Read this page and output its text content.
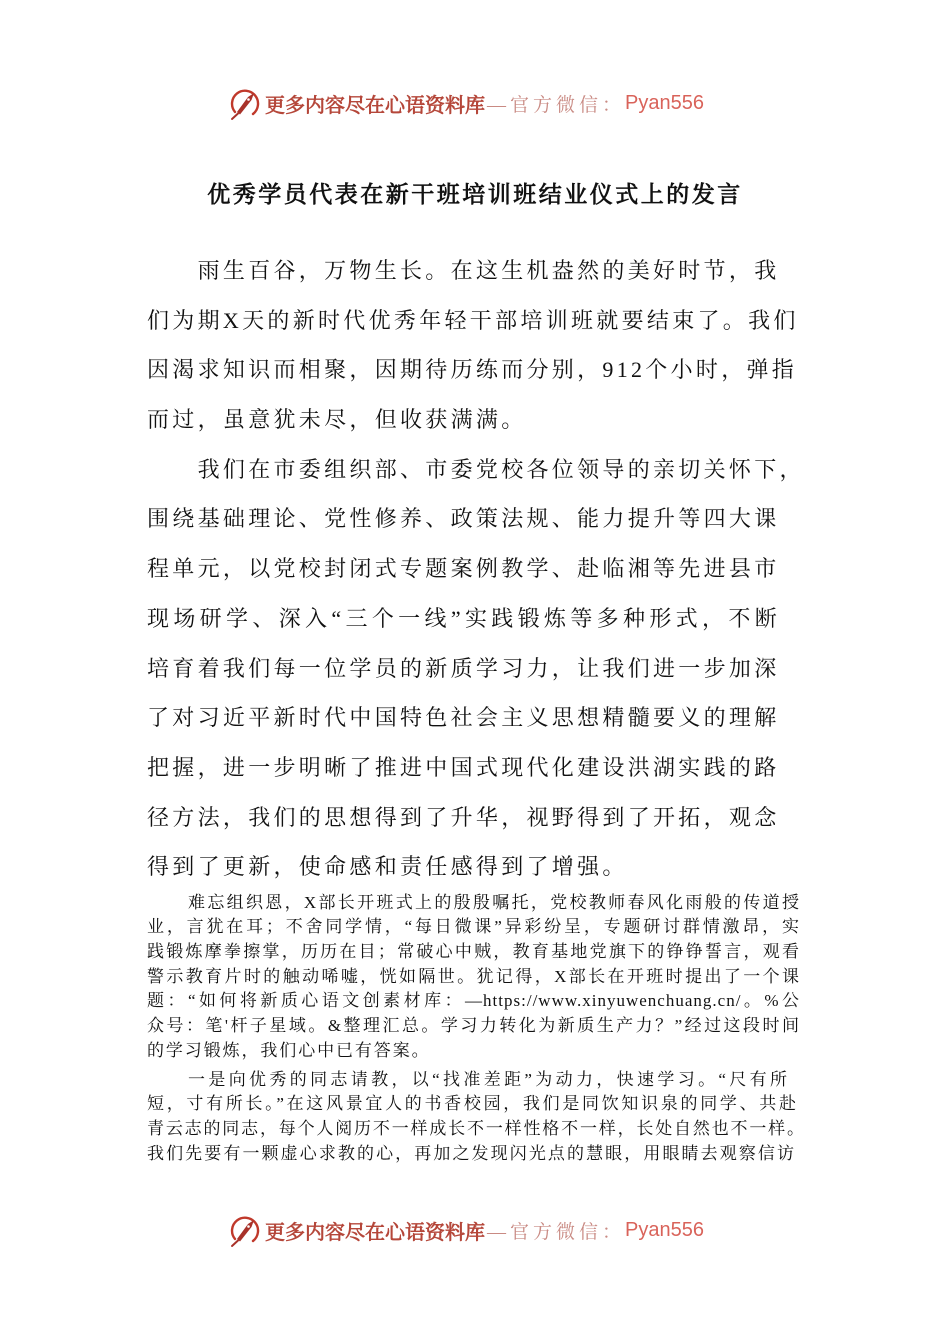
更多内容尽在心语资料库 —官方微信： Pyan556
优秀学员代表在新干班培训班结业仪式上的发言
雨生百谷，万物生长。在这生机盎然的美好时节，我
们为期X天的新时代优秀年轻干部培训班就要结束了。我们
因渴求知识而相聚，因期待历练而分别，912个小时，弹指
而过，虽意犹未尽，但收获满满。
我们在市委组织部、市委党校各位领导的亲切关怀下，
围绕基础理论、党性修养、政策法规、能力提升等四大课
程单元，以党校封闭式专题案例教学、赴临湘等先进县市
现场研学、深入“三个一线”实践锻炼等多种形式，不断
培育着我们每一位学员的新质学习力，让我们进一步加深
了对习近平新时代中国特色社会主义思想精髓要义的理解
把握，进一步明晰了推进中国式现代化建设洪湖实践的路
径方法，我们的思想得到了升华，视野得到了开拓，观念
得到了更新，使命感和责任感得到了增强。
难忘组织恩，X部长开班式上的殷殷嘱托，党校教师春风化雨般的传道授
业，言犹在耳；不舍同学情，“每日微课”异彩纷呈，专题研讨群情激昂，实
践锻炼摩拳擦掌，历历在目；常破心中贼，教育基地党旗下的铮铮誓言，观看
警示教育片时的触动唏嘘，恍如隔世。犹记得，X部长在开班时提出了一个课
题：“如何将新质心语文创素材库：—https://www.xinyuwenchuang.cn/。%公
众号：笔'杆子星域。&整理汇总。学习力转化为新质生产力？”经过这段时间
的学习锻炼，我们心中已有答案。
一是向优秀的同志请教，以“找准差距”为动力，快速学习。“尺有所
短，寸有所长。”在这风景宜人的书香校园，我们是同饮知识泉的同学、共赴
青云志的同志，每个人阅历不一样成长不一样性格不一样，长处自然也不一样。
我们先要有一颗虚心求教的心，再加之发现闪光点的慧眼，用眼睛去观察信访
更多内容尽在心语资料库 —官方微信： Pyan556
